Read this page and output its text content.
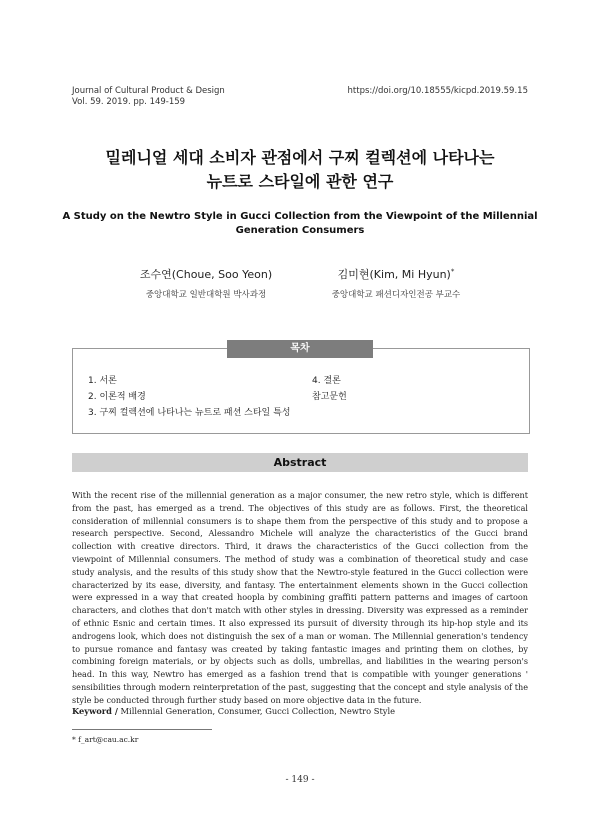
Journal of Cultural Product & Design
Vol. 59. 2019. pp. 149-159
https://doi.org/10.18555/kicpd.2019.59.15
밀레니얼 세대 소비자 관점에서 구찌 컬렉션에 나타나는
뉴트로 스타일에 관한 연구
A Study on the Newtro Style in Gucci Collection from the Viewpoint of the Millennial Generation Consumers
조수연(Choue, Soo Yeon)
중앙대학교 일반대학원 박사과정
김미현(Kim, Mi Hyun)*
중앙대학교 패션디자인전공 부교수
목차
1. 서론
2. 이론적 배경
3. 구찌 컬렉션에 나타나는 뉴트로 패션 스타일 특성
4. 결론
참고문헌
Abstract

With the recent rise of the millennial generation as a major consumer, the new retro style, which is different from the past, has emerged as a trend. The objectives of this study are as follows. First, the theoretical consideration of millennial consumers is to shape them from the perspective of this study and to propose a research perspective. Second, Alessandro Michele will analyze the characteristics of the Gucci brand collection with creative directors. Third, it draws the characteristics of the Gucci collection from the viewpoint of Millennial consumers. The method of study was a combination of theoretical study and case study analysis, and the results of this study show that the Newtro-style featured in the Gucci collection were characterized by its ease, diversity, and fantasy. The entertainment elements shown in the Gucci collection were expressed in a way that created hoopla by combining graffiti pattern patterns and images of cartoon characters, and clothes that don't match with other styles in dressing. Diversity was expressed as a reminder of ethnic Esnic and certain times. It also expressed its pursuit of diversity through its hip-hop style and its androgens look, which does not distinguish the sex of a man or woman. The Millennial generation's tendency to pursue romance and fantasy was created by taking fantastic images and printing them on clothes, by combining foreign materials, or by objects such as dolls, umbrellas, and liabilities in the wearing person's head. In this way, Newtro has emerged as a fashion trend that is compatible with younger generations ' sensibilities through modern reinterpretation of the past, suggesting that the concept and style analysis of the style be conducted through further study based on more objective data in the future.

Keyword / Millennial Generation, Consumer, Gucci Collection, Newtro Style
* f_art@cau.ac.kr
- 149 -
